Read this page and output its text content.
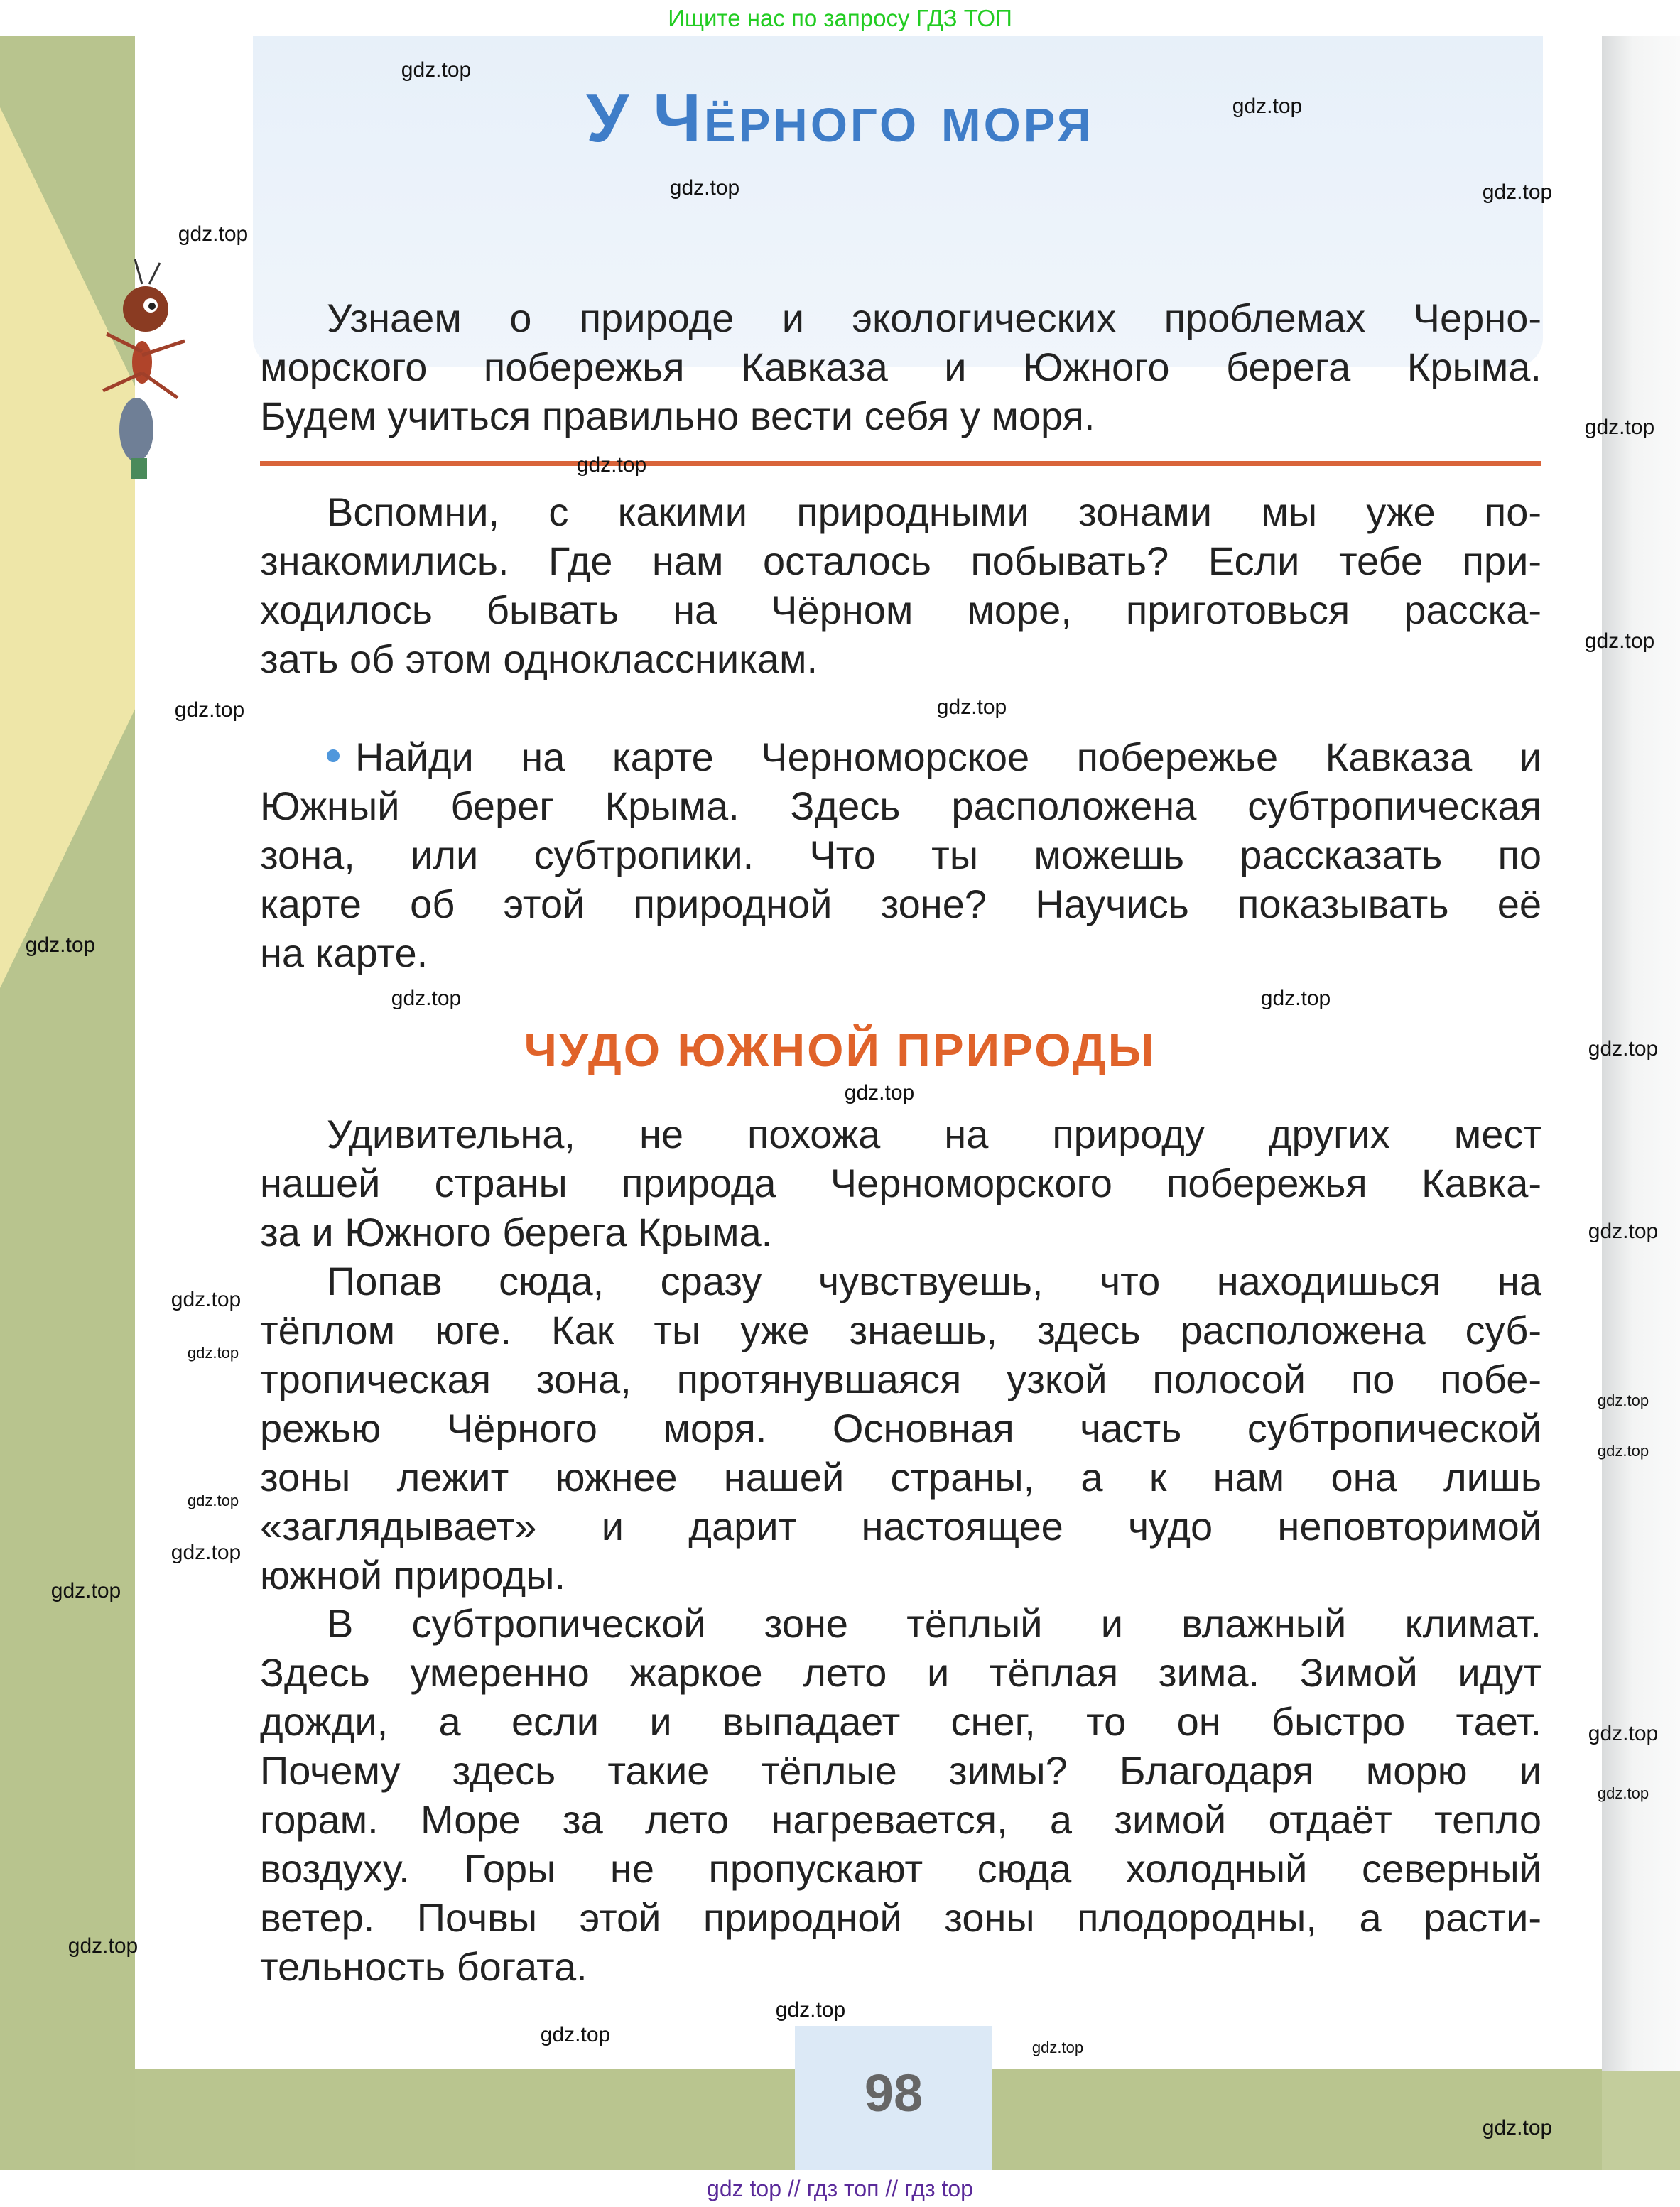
Ищите нас по запросу ГДЗ ТОП
У Чёрного моря
Узнаем о природе и экологических проблемах Черно-
морского побережья Кавказа и Южного берега Крыма.
Будем учиться правильно вести себя у моря.
Вспомни, с какими природными зонами мы уже по-
знакомились. Где нам осталось побывать? Если тебе при-
ходилось бывать на Чёрном море, приготовься расска-
зать об этом одноклассникам.
Найди на карте Черноморское побережье Кавказа и
Южный берег Крыма. Здесь расположена субтропическая
зона, или субтропики. Что ты можешь рассказать по
карте об этой природной зоне? Научись показывать её
на карте.
ЧУДО ЮЖНОЙ ПРИРОДЫ
Удивительна, не похожа на природу других мест
нашей страны природа Черноморского побережья Кавка-
за и Южного берега Крыма.
Попав сюда, сразу чувствуешь, что находишься на
тёплом юге. Как ты уже знаешь, здесь расположена суб-
тропическая зона, протянувшаяся узкой полосой по побе-
режью Чёрного моря. Основная часть субтропической
зоны лежит южнее нашей страны, а к нам она лишь
«заглядывает» и дарит настоящее чудо неповторимой
южной природы.
В субтропической зоне тёплый и влажный климат.
Здесь умеренно жаркое лето и тёплая зима. Зимой идут
дожди, а если и выпадает снег, то он быстро тает.
Почему здесь такие тёплые зимы? Благодаря морю и
горам. Море за лето нагревается, а зимой отдаёт тепло
воздуху. Горы не пропускают сюда холодный северный
ветер. Почвы этой природной зоны плодородны, а расти-
тельность богата.
98
gdz.top
gdz.top
gdz.top	gdz.top
gdz.top
gdz.top
gdz.top
gdz.top
gdz.top
gdz.top
gdz.top
gdz.top
gdz.top
gdz.top
gdz.top
gdz.top
gdz.top
gdz.top
gdz.top
gdz.top
gdz.top
gdz.top
gdz.top
gdz.top
gdz.top
gdz.top
gdz.top
gdz.top
gdz.top
gdz.top
gdz top // гдз топ // гдз top
